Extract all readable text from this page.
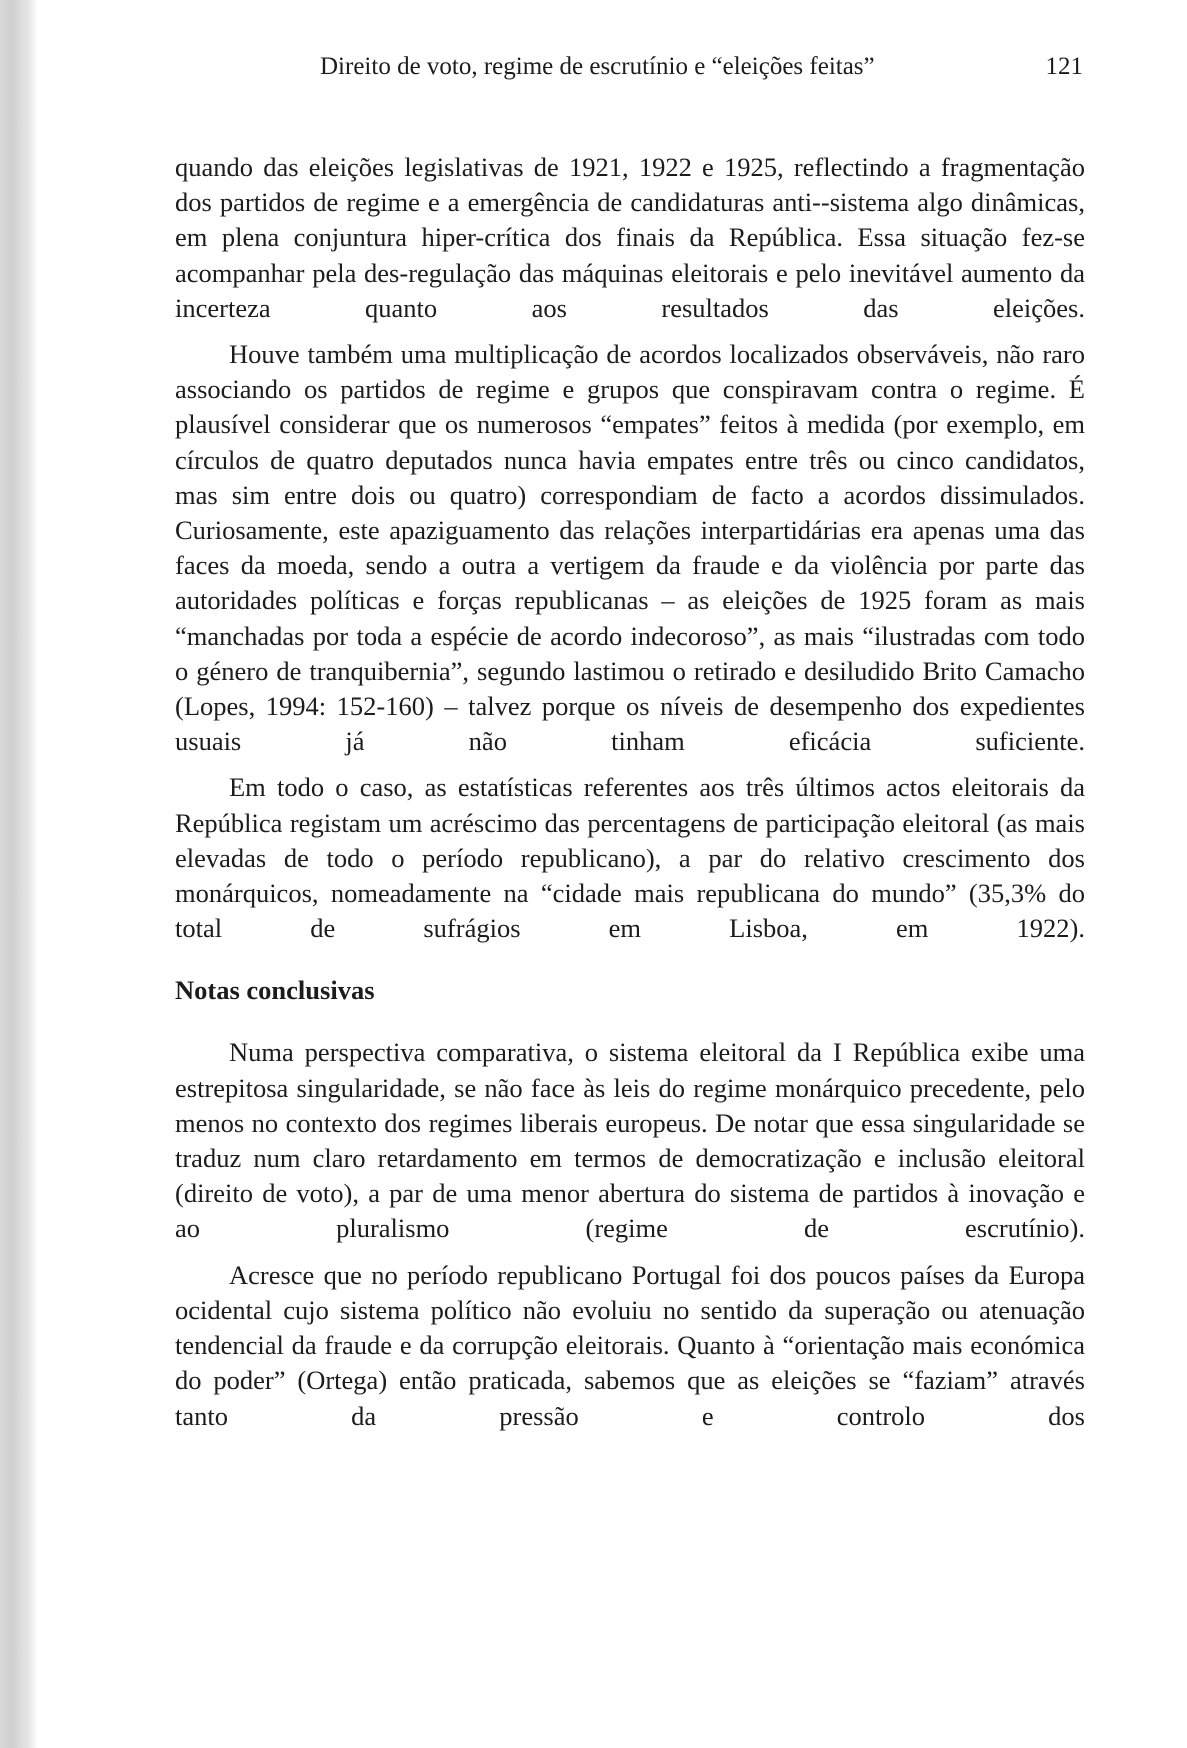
Direito de voto, regime de escrutínio e “eleições feitas”	121

quando das eleições legislativas de 1921, 1922 e 1925, reflectindo a fragmentação dos partidos de regime e a emergência de candidaturas anti--sistema algo dinâmicas, em plena conjuntura hiper-crítica dos finais da República. Essa situação fez-se acompanhar pela des-regulação das máquinas eleitorais e pelo inevitável aumento da incerteza quanto aos resultados das eleições.

Houve também uma multiplicação de acordos localizados observáveis, não raro associando os partidos de regime e grupos que conspiravam contra o regime. É plausível considerar que os numerosos “empates” feitos à medida (por exemplo, em círculos de quatro deputados nunca havia empates entre três ou cinco candidatos, mas sim entre dois ou quatro) correspondiam de facto a acordos dissimulados. Curiosamente, este apaziguamento das relações interpartidárias era apenas uma das faces da moeda, sendo a outra a vertigem da fraude e da violência por parte das autoridades políticas e forças republicanas – as eleições de 1925 foram as mais “manchadas por toda a espécie de acordo indecoroso”, as mais “ilustradas com todo o género de tranquibernia”, segundo lastimou o retirado e desiludido Brito Camacho (Lopes, 1994: 152-160) – talvez porque os níveis de desempenho dos expedientes usuais já não tinham eficácia suficiente.

Em todo o caso, as estatísticas referentes aos três últimos actos eleitorais da República registam um acréscimo das percentagens de participação eleitoral (as mais elevadas de todo o período republicano), a par do relativo crescimento dos monárquicos, nomeadamente na “cidade mais republicana do mundo” (35,3% do total de sufrágios em Lisboa, em 1922).

Notas conclusivas

Numa perspectiva comparativa, o sistema eleitoral da I República exibe uma estrepitosa singularidade, se não face às leis do regime monárquico precedente, pelo menos no contexto dos regimes liberais europeus. De notar que essa singularidade se traduz num claro retardamento em termos de democratização e inclusão eleitoral (direito de voto), a par de uma menor abertura do sistema de partidos à inovação e ao pluralismo (regime de escrutínio).

Acresce que no período republicano Portugal foi dos poucos países da Europa ocidental cujo sistema político não evoluiu no sentido da superação ou atenuação tendencial da fraude e da corrupção eleitorais. Quanto à “orientação mais económica do poder” (Ortega) então praticada, sabemos que as eleições se “faziam” através tanto da pressão e controlo dos
